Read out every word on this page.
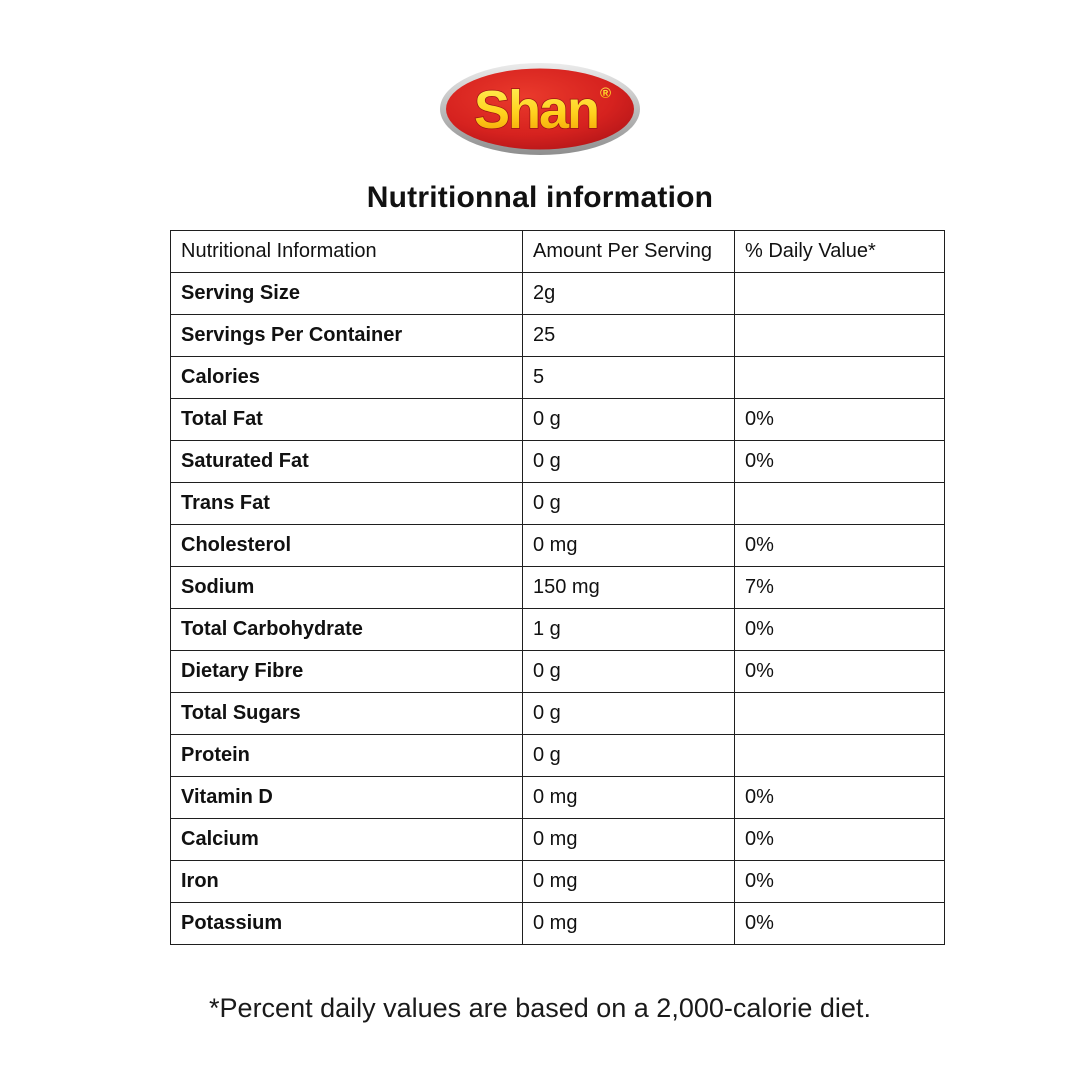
Shan ®
Nutritionnal information
Nutritional Information	Amount Per Serving	% Daily Value*
Serving Size	2g	
Servings Per Container	25	
Calories	5	
Total Fat	0 g	0%
Saturated Fat	0 g	0%
Trans Fat	0 g	
Cholesterol	0 mg	0%
Sodium	150 mg	7%
Total Carbohydrate	1 g	0%
Dietary Fibre	0 g	0%
Total Sugars	0 g	
Protein	0 g	
Vitamin D	0 mg	0%
Calcium	0 mg	0%
Iron	0 mg	0%
Potassium	0 mg	0%
*Percent daily values are based on a 2,000-calorie diet.
